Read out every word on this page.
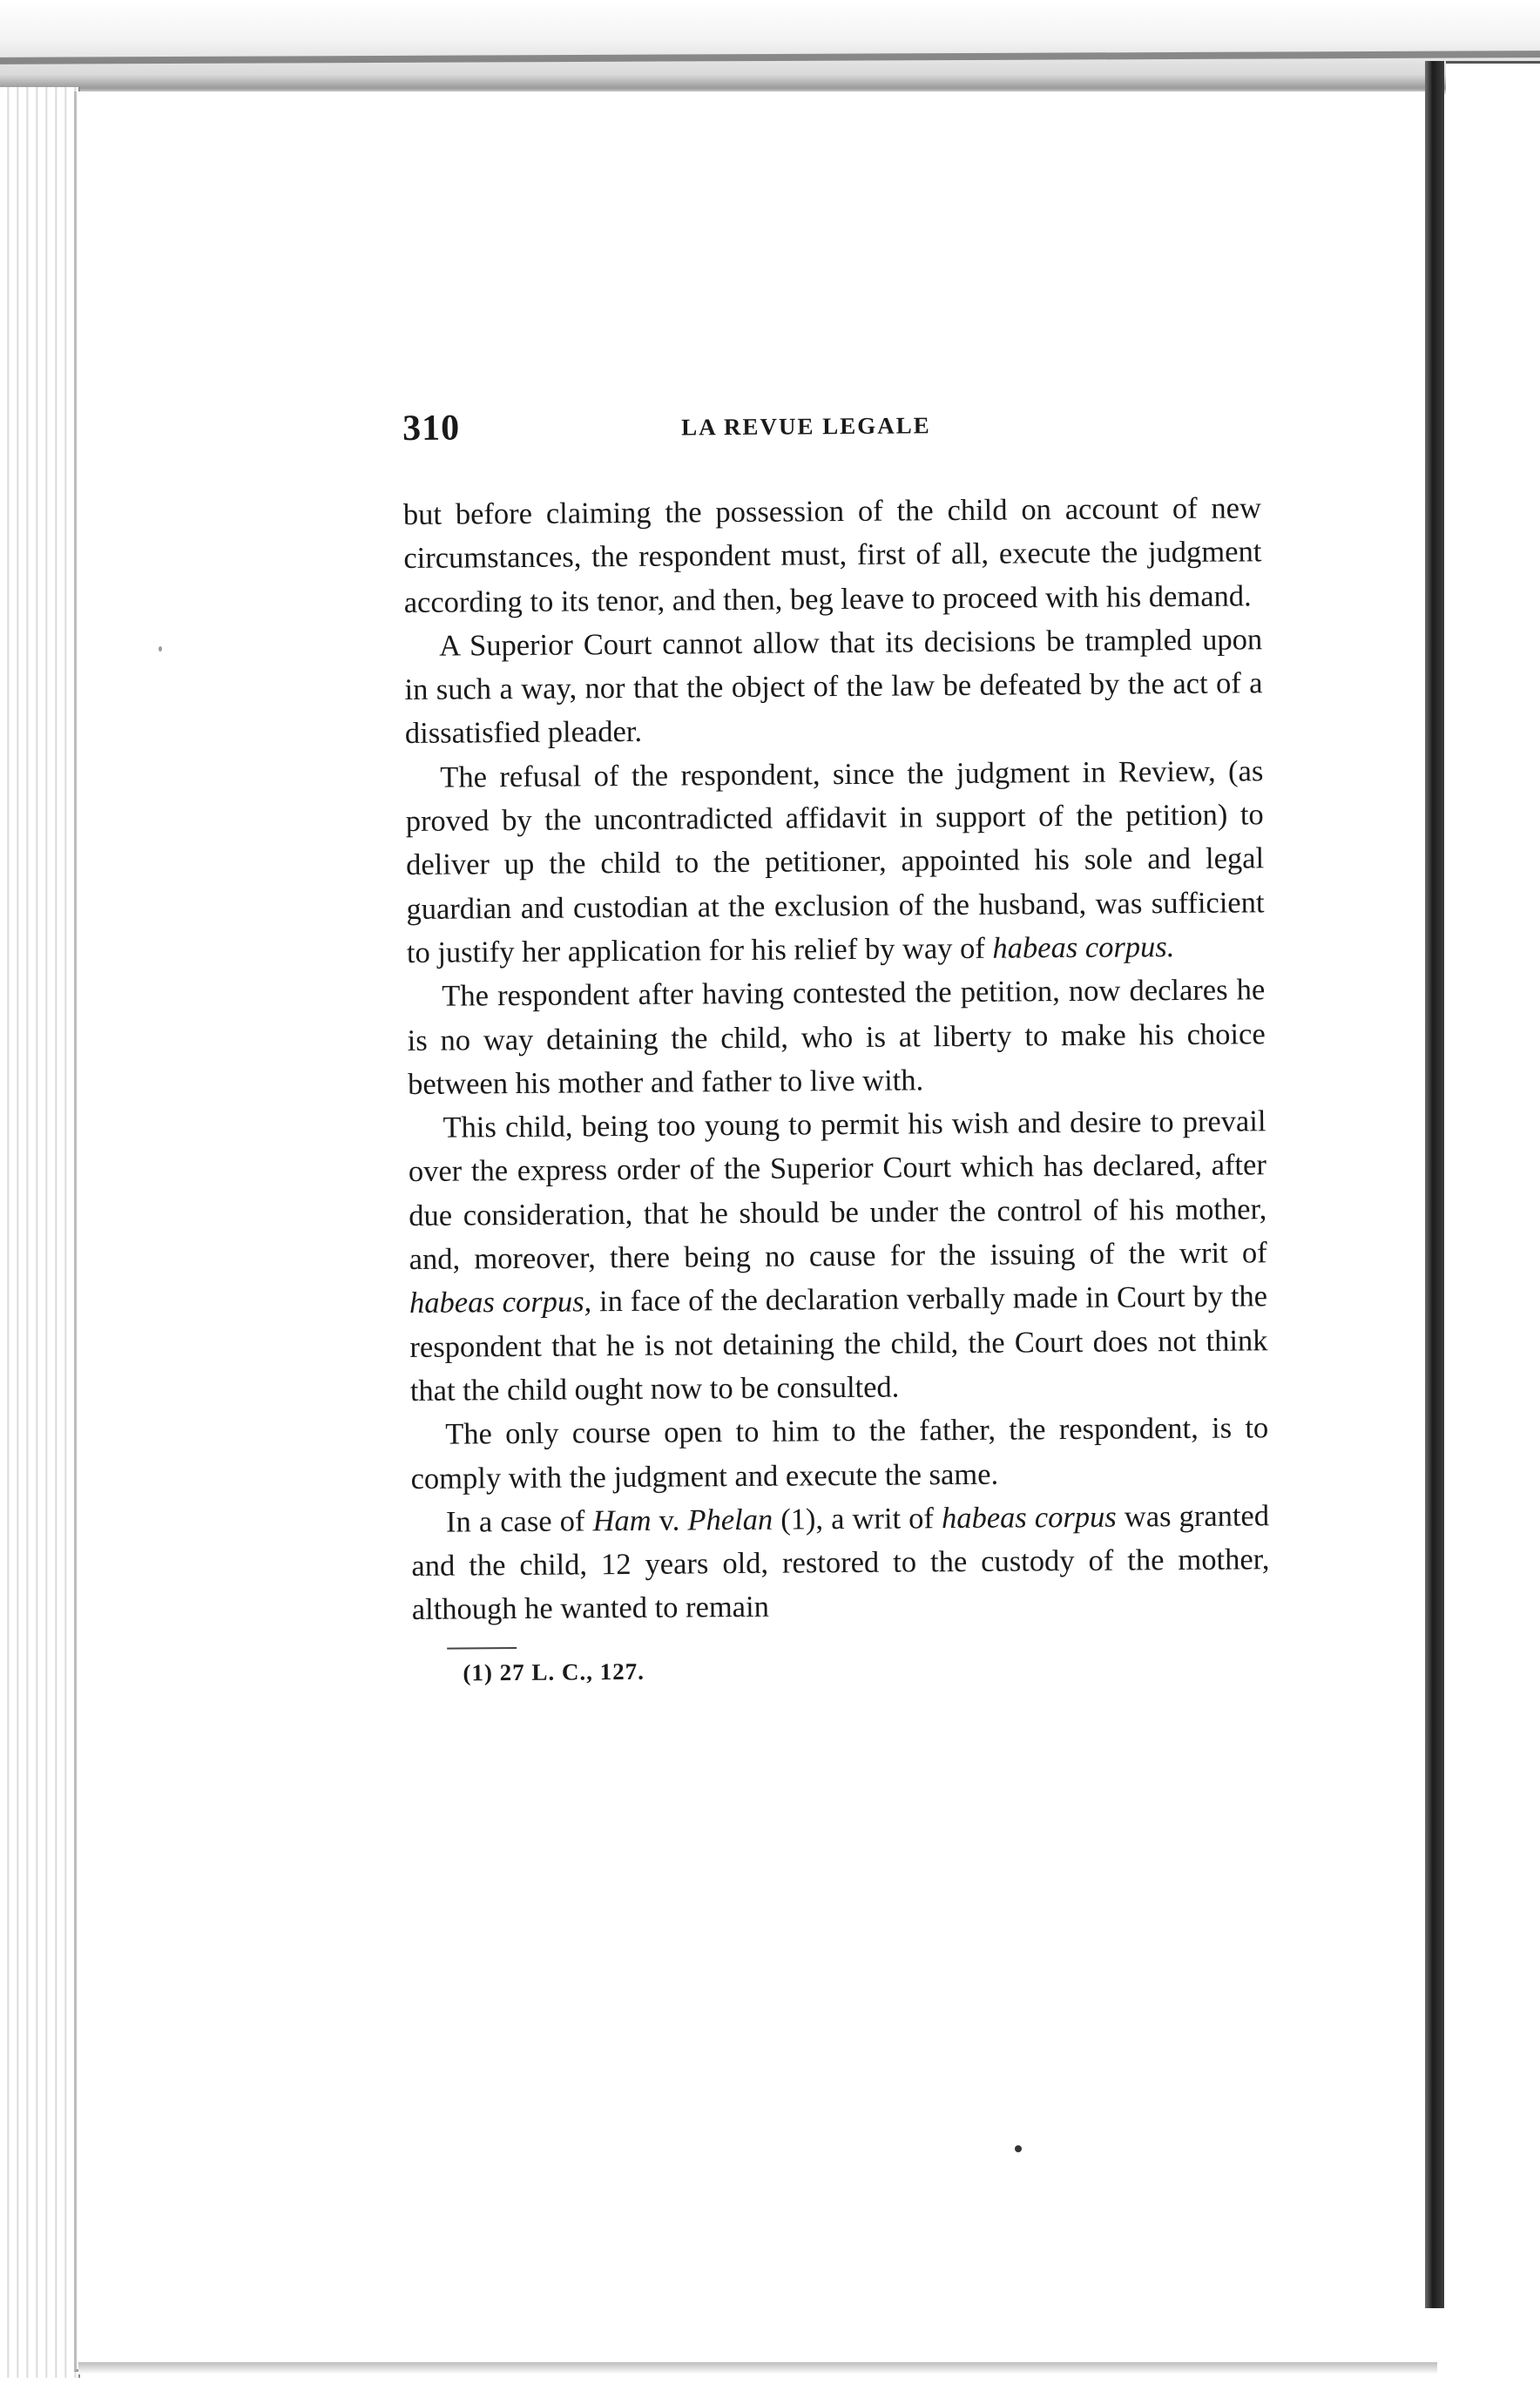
310	LA REVUE LEGALE

but before claiming the possession of the child on account of new circumstances, the respondent must, first of all, execute the judgment according to its tenor, and then, beg leave to proceed with his demand.

A Superior Court cannot allow that its decisions be trampled upon in such a way, nor that the object of the law be defeated by the act of a dissatisfied pleader.

The refusal of the respondent, since the judgment in Review, (as proved by the uncontradicted affidavit in support of the petition) to deliver up the child to the petitioner, appointed his sole and legal guardian and custodian at the exclusion of the husband, was sufficient to justify her application for his relief by way of habeas corpus.

The respondent after having contested the petition, now declares he is no way detaining the child, who is at liberty to make his choice between his mother and father to live with.

This child, being too young to permit his wish and desire to prevail over the express order of the Superior Court which has declared, after due consideration, that he should be under the control of his mother, and, moreover, there being no cause for the issuing of the writ of habeas corpus, in face of the declaration verbally made in Court by the respondent that he is not detaining the child, the Court does not think that the child ought now to be consulted.

The only course open to him to the father, the respondent, is to comply with the judgment and execute the same.

In a case of Ham v. Phelan (1), a writ of habeas corpus was granted and the child, 12 years old, restored to the custody of the mother, although he wanted to remain

(1) 27 L. C., 127.
